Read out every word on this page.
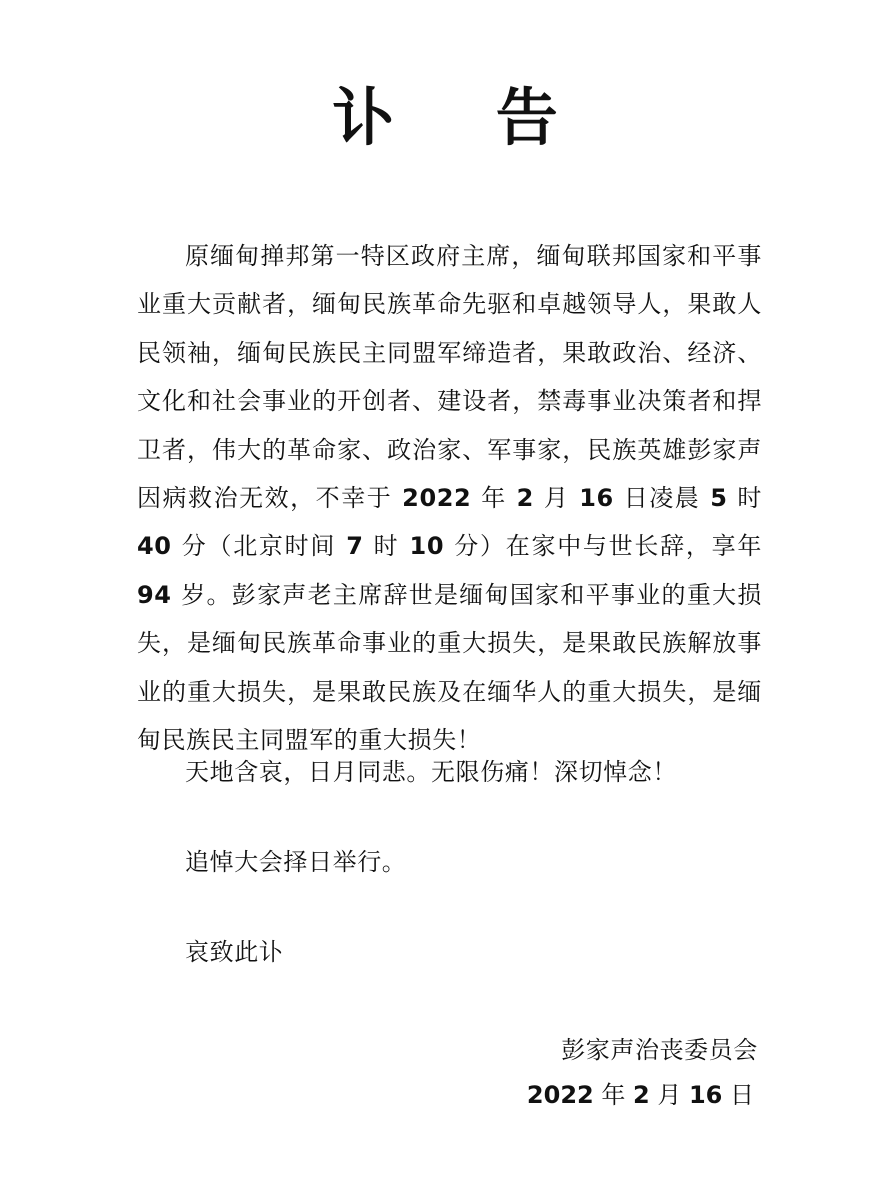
讣 告

原缅甸掸邦第一特区政府主席，缅甸联邦国家和平事业重大贡献者，缅甸民族革命先驱和卓越领导人，果敢人民领袖，缅甸民族民主同盟军缔造者，果敢政治、经济、文化和社会事业的开创者、建设者，禁毒事业决策者和捍卫者，伟大的革命家、政治家、军事家，民族英雄彭家声因病救治无效，不幸于 2022 年 2 月 16 日凌晨 5 时 40 分（北京时间 7 时 10 分）在家中与世长辞，享年 94 岁。彭家声老主席辞世是缅甸国家和平事业的重大损失，是缅甸民族革命事业的重大损失，是果敢民族解放事业的重大损失，是果敢民族及在缅华人的重大损失，是缅甸民族民主同盟军的重大损失！

天地含哀，日月同悲。无限伤痛！深切悼念！

追悼大会择日举行。

哀致此讣

彭家声治丧委员会
2022 年 2 月 16 日
